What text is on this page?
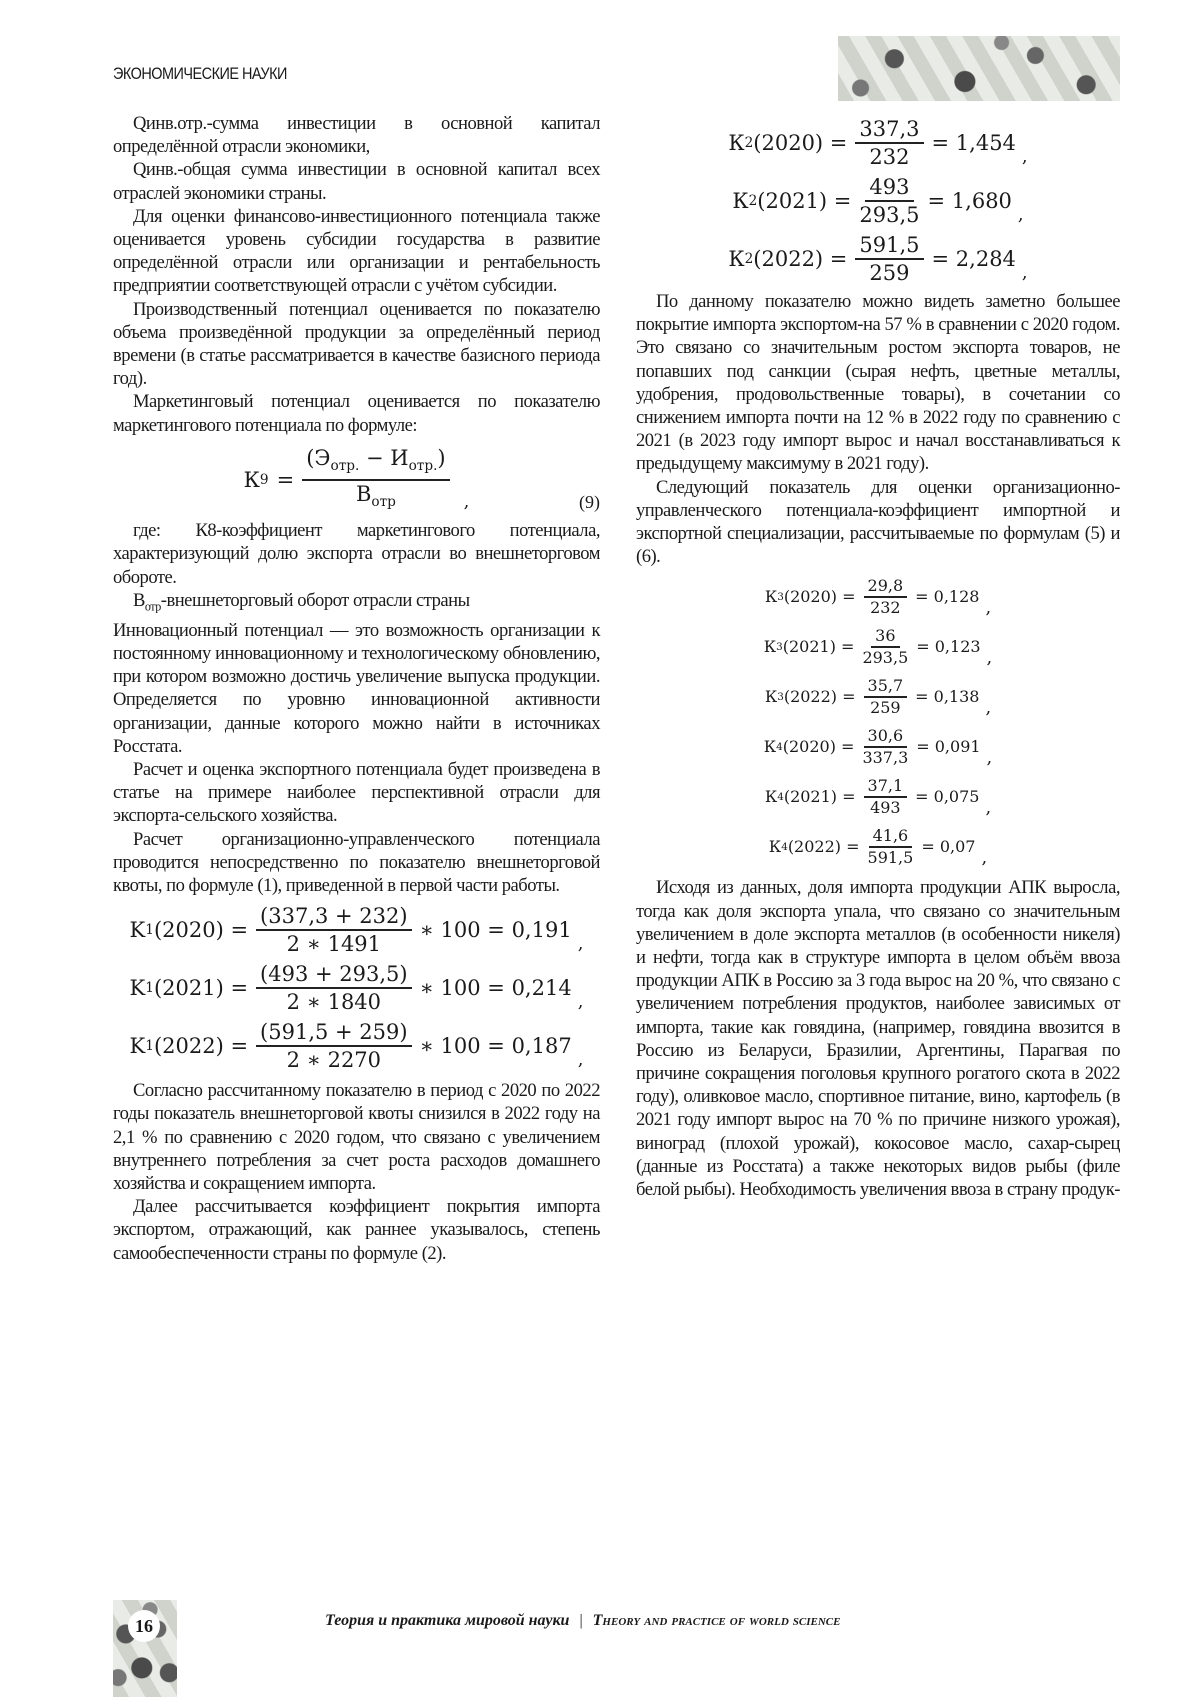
ЭКОНОМИЧЕСКИЕ НАУКИ

Qинв.отр.-сумма инвестиции в основной капитал определённой отрасли экономики,

Qинв.-общая сумма инвестиции в основной капитал всех отраслей экономики страны.

Для оценки финансово-инвестиционного потенциала также оценивается уровень субсидии государства в развитие определённой отрасли или организации и рентабельность предприятии соответствующей отрасли с учётом субсидии.

Производственный потенциал оценивается по показателю объема произведённой продукции за определённый период времени (в статье рассматривается в качестве базисного периода год).

Маркетинговый потенциал оценивается по показателю маркетингового потенциала по формуле:

К 9 =
(Эотр. − Иотр.)
Вотр	,	(9)

где: К8-коэффициент маркетингового потенциала, характеризующий долю экспорта отрасли во внешнеторговом обороте.

Вотр-внешнеторговый оборот отрасли страны

Инновационный потенциал — это возможность организации к постоянному инновационному и технологическому обновлению, при котором возможно достичь увеличение выпуска продукции. Определяется по уровню инновационной активности организации, данные которого можно найти в источниках Росстата.

Расчет и оценка экспортного потенциала будет произведена в статье на примере наиболее перспективной отрасли для экспорта-сельского хозяйства.

Расчет организационно-управленческого потенциала проводится непосредственно по показателю внешнеторговой квоты, по формуле (1), приведенной в первой части работы.

K 1 (2020) =
(337,3 + 232)
2 ∗ 1491
∗ 100 = 0,191
,
K 1 (2021) =
(493 + 293,5)
2 ∗ 1840
∗ 100 = 0,214
,
K 1 (2022) =
(591,5 + 259)
2 ∗ 2270
∗ 100 = 0,187
,

Согласно рассчитанному показателю в период с 2020 по 2022 годы показатель внешнеторговой квоты снизился в 2022 году на 2,1 % по сравнению с 2020 годом, что связано с увеличением внутреннего потребления за счет роста расходов домашнего хозяйства и сокращением импорта.

Далее рассчитывается коэффициент покрытия импорта экспортом, отражающий, как раннее указывалось, степень самообеспеченности страны по формуле (2).

К 2 (2020) =
337,3
232
= 1,454
,
К 2 (2021) =
493
293,5
= 1,680
,
К 2 (2022) =
591,5
259
= 2,284
,

По данному показателю можно видеть заметно большее покрытие импорта экспортом-на 57 % в сравнении с 2020 годом. Это связано со значительным ростом экспорта товаров, не попавших под санкции (сырая нефть, цветные металлы, удобрения, продовольственные товары), в сочетании со снижением импорта почти на 12 % в 2022 году по сравнению с 2021 (в 2023 году импорт вырос и начал восстанавливаться к предыдущему максимуму в 2021 году).

Следующий показатель для оценки организационно-управленческого потенциала-коэффициент импортной и экспортной специализации, рассчитываемые по формулам (5) и (6).

К 3 (2020) =
29,8
232
= 0,128
,
К 3 (2021) =
36
293,5
= 0,123
,
К 3 (2022) =
35,7
259
= 0,138
,
К 4 (2020) =
30,6
337,3
= 0,091
,
К 4 (2021) =
37,1
493
= 0,075
,
К 4 (2022) =
41,6
591,5
= 0,07
,

Исходя из данных, доля импорта продукции АПК выросла, тогда как доля экспорта упала, что связано со значительным увеличением в доле экспорта металлов (в особенности никеля) и нефти, тогда как в структуре импорта в целом объём ввоза продукции АПК в Россию за 3 года вырос на 20 %, что связано с увеличением потребления продуктов, наиболее зависимых от импорта, такие как говядина, (например, говядина ввозится в Россию из Беларуси, Бразилии, Аргентины, Парагвая по причине сокращения поголовья крупного рогатого скота в 2022 году), оливковое масло, спортивное питание, вино, картофель (в 2021 году импорт вырос на 70 % по причине низкого урожая), виноград (плохой урожай), кокосовое масло, сахар-сырец (данные из Росстата) а также некоторых видов рыбы (филе белой рыбы). Необходимость увеличения ввоза в страну продук-

16	Теория и практика мировой науки | Theory and practice of world science
